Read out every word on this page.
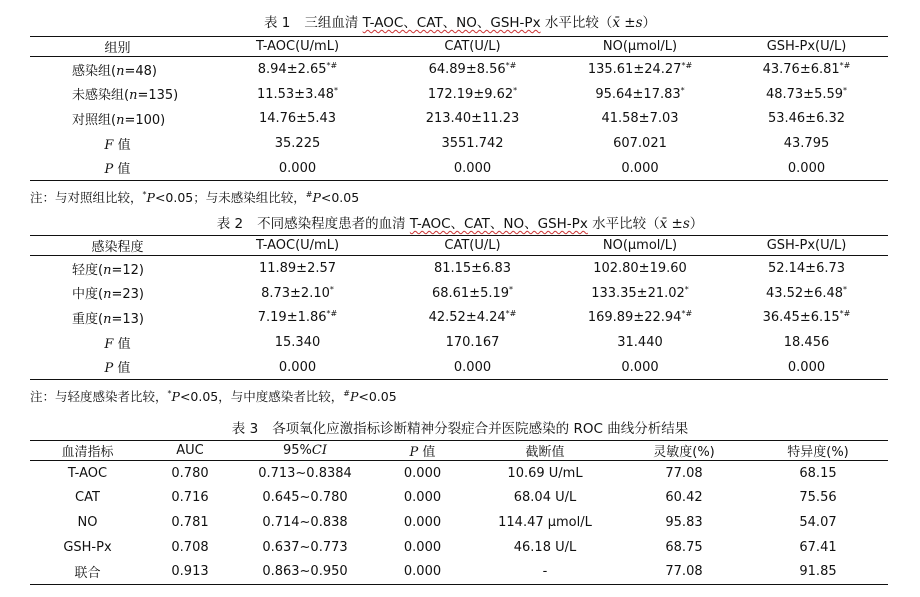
表 1 三组血清 T-AOC、CAT、NO、GSH-Px 水平比较（x̄ ±s）
组别	T-AOC(U/mL)	CAT(U/L)	NO(μmol/L)	GSH-Px(U/L)
感染组(n=48)	8.94±2.65*#	64.89±8.56*#	135.61±24.27*#	43.76±6.81*#
未感染组(n=135)	11.53±3.48*	172.19±9.62*	95.64±17.83*	48.73±5.59*
对照组(n=100)	14.76±5.43	213.40±11.23	41.58±7.03	53.46±6.32
F 值	35.225	3551.742	607.021	43.795
P 值	0.000	0.000	0.000	0.000
注：与对照组比较，*P<0.05；与未感染组比较，#P<0.05
表 2 不同感染程度患者的血清 T-AOC、CAT、NO、GSH-Px 水平比较（x̄ ±s）
感染程度	T-AOC(U/mL)	CAT(U/L)	NO(μmol/L)	GSH-Px(U/L)
轻度(n=12)	11.89±2.57	81.15±6.83	102.80±19.60	52.14±6.73
中度(n=23)	8.73±2.10*	68.61±5.19*	133.35±21.02*	43.52±6.48*
重度(n=13)	7.19±1.86*#	42.52±4.24*#	169.89±22.94*#	36.45±6.15*#
F 值	15.340	170.167	31.440	18.456
P 值	0.000	0.000	0.000	0.000
注：与轻度感染者比较，*P<0.05，与中度感染者比较，#P<0.05
表 3 各项氧化应激指标诊断精神分裂症合并医院感染的 ROC 曲线分析结果
血清指标	AUC	95%CI	P 值	截断值	灵敏度(%)	特异度(%)
T-AOC	0.780	0.713~0.8384	0.000	10.69 U/mL	77.08	68.15
CAT	0.716	0.645~0.780	0.000	68.04 U/L	60.42	75.56
NO	0.781	0.714~0.838	0.000	114.47 μmol/L	95.83	54.07
GSH-Px	0.708	0.637~0.773	0.000	46.18 U/L	68.75	67.41
联合	0.913	0.863~0.950	0.000	-	77.08	91.85
